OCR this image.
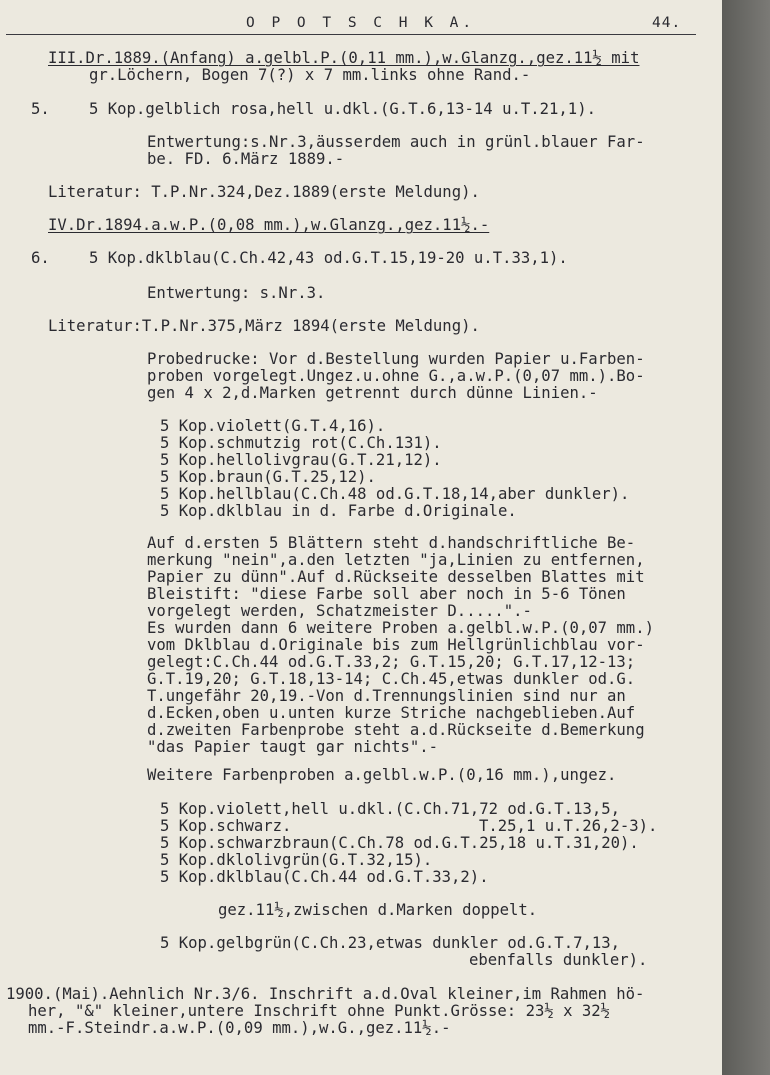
O P O T S C H K A.	44.
III.Dr.1889.(Anfang) a.gelbl.P.(0,11 mm.),w.Glanzg.,gez.11½ mit
gr.Löchern, Bogen 7(?) x 7 mm.links ohne Rand.-
5.	5 Kop.gelblich rosa,hell u.dkl.(G.T.6,13-14 u.T.21,1).
Entwertung:s.Nr.3,äusserdem auch in grünl.blauer Far-
be. FD. 6.März 1889.-
Literatur: T.P.Nr.324,Dez.1889(erste Meldung).
IV.Dr.1894.a.w.P.(0,08 mm.),w.Glanzg.,gez.11½.-
6.	5 Kop.dklblau(C.Ch.42,43 od.G.T.15,19-20 u.T.33,1).
Entwertung: s.Nr.3.
Literatur:T.P.Nr.375,März 1894(erste Meldung).
Probedrucke: Vor d.Bestellung wurden Papier u.Farben-
proben vorgelegt.Ungez.u.ohne G.,a.w.P.(0,07 mm.).Bo-
gen 4 x 2,d.Marken getrennt durch dünne Linien.-
5 Kop.violett(G.T.4,16).
5 Kop.schmutzig rot(C.Ch.131).
5 Kop.hellolivgrau(G.T.21,12).
5 Kop.braun(G.T.25,12).
5 Kop.hellblau(C.Ch.48 od.G.T.18,14,aber dunkler).
5 Kop.dklblau in d. Farbe d.Originale.
Auf d.ersten 5 Blättern steht d.handschriftliche Be-
merkung "nein",a.den letzten "ja,Linien zu entfernen,
Papier zu dünn".Auf d.Rückseite desselben Blattes mit
Bleistift: "diese Farbe soll aber noch in 5-6 Tönen
vorgelegt werden, Schatzmeister D.....".-
Es wurden dann 6 weitere Proben a.gelbl.w.P.(0,07 mm.)
vom Dklblau d.Originale bis zum Hellgrünlichblau vor-
gelegt:C.Ch.44 od.G.T.33,2; G.T.15,20; G.T.17,12-13;
G.T.19,20; G.T.18,13-14; C.Ch.45,etwas dunkler od.G.
T.ungefähr 20,19.-Von d.Trennungslinien sind nur an
d.Ecken,oben u.unten kurze Striche nachgeblieben.Auf
d.zweiten Farbenprobe steht a.d.Rückseite d.Bemerkung
"das Papier taugt gar nichts".-
Weitere Farbenproben a.gelbl.w.P.(0,16 mm.),ungez.
5 Kop.violett,hell u.dkl.(C.Ch.71,72 od.G.T.13,5,
5 Kop.schwarz.	T.25,1 u.T.26,2-3).
5 Kop.schwarzbraun(C.Ch.78 od.G.T.25,18 u.T.31,20).
5 Kop.dklolivgrün(G.T.32,15).
5 Kop.dklblau(C.Ch.44 od.G.T.33,2).
gez.11½,zwischen d.Marken doppelt.
5 Kop.gelbgrün(C.Ch.23,etwas dunkler od.G.T.7,13,
ebenfalls dunkler).
1900.(Mai).Aehnlich Nr.3/6. Inschrift a.d.Oval kleiner,im Rahmen hö-
her, "&" kleiner,untere Inschrift ohne Punkt.Grösse: 23½ x 32½
mm.-F.Steindr.a.w.P.(0,09 mm.),w.G.,gez.11½.-
